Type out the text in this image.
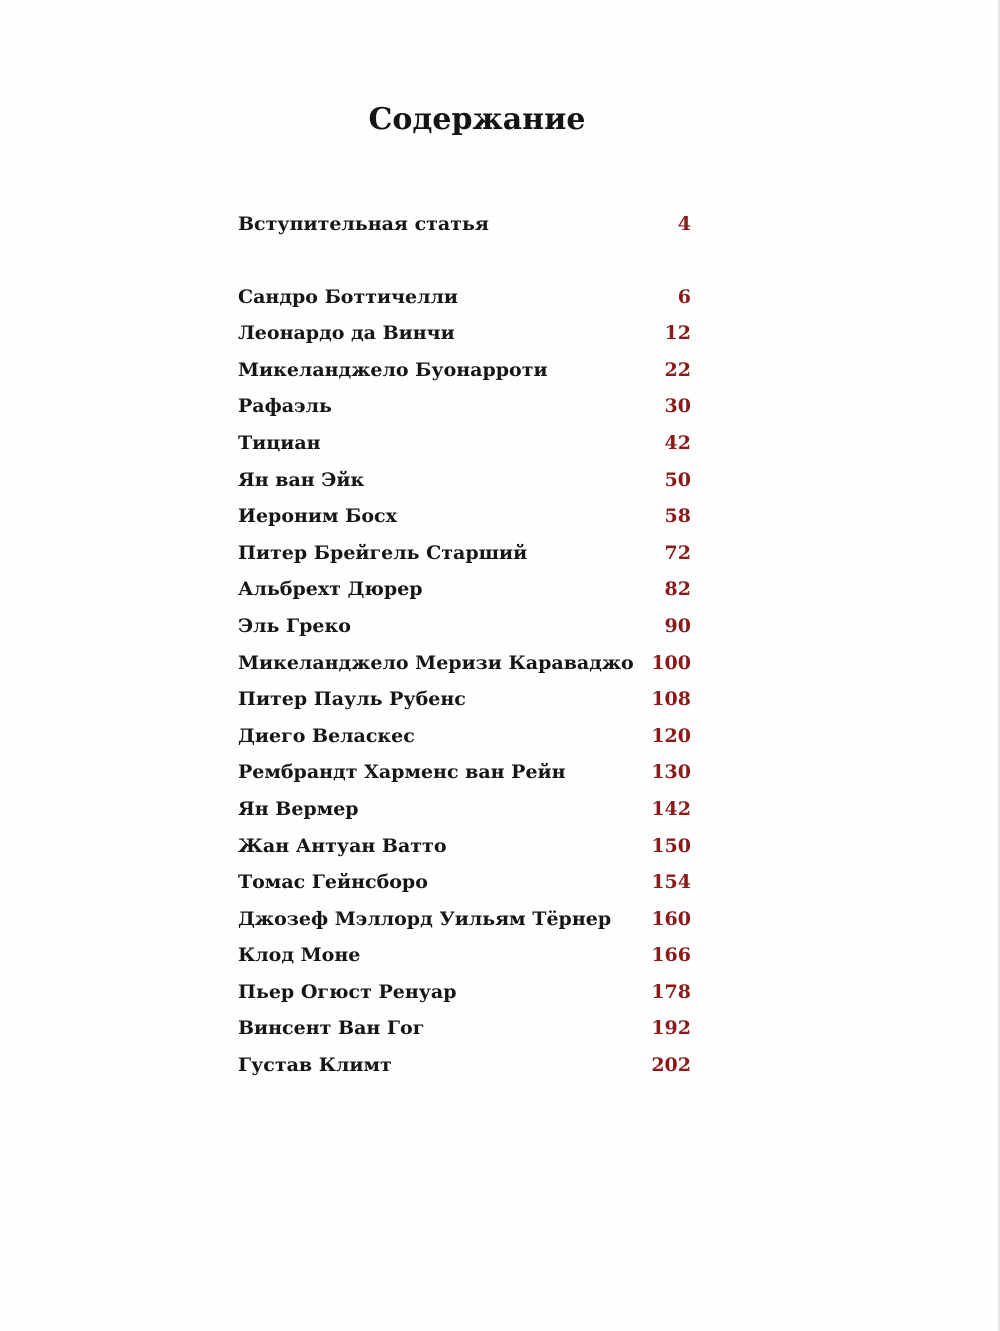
Содержание
Вступительная статья	4
Сандро Боттичелли	6
Леонардо да Винчи	12
Микеланджело Буонарроти	22
Рафаэль	30
Тициан	42
Ян ван Эйк	50
Иероним Босх	58
Питер Брейгель Старший	72
Альбрехт Дюрер	82
Эль Греко	90
Микеланджело Меризи Караваджо 100
Питер Пауль Рубенс	108
Диего Веласкес	120
Рембрандт Харменс ван Рейн	130
Ян Вермер	142
Жан Антуан Ватто	150
Томас Гейнсборо	154
Джозеф Мэллорд Уильям Тёрнер 160
Клод Моне	166
Пьер Огюст Ренуар	178
Винсент Ван Гог	192
Густав Климт	202
